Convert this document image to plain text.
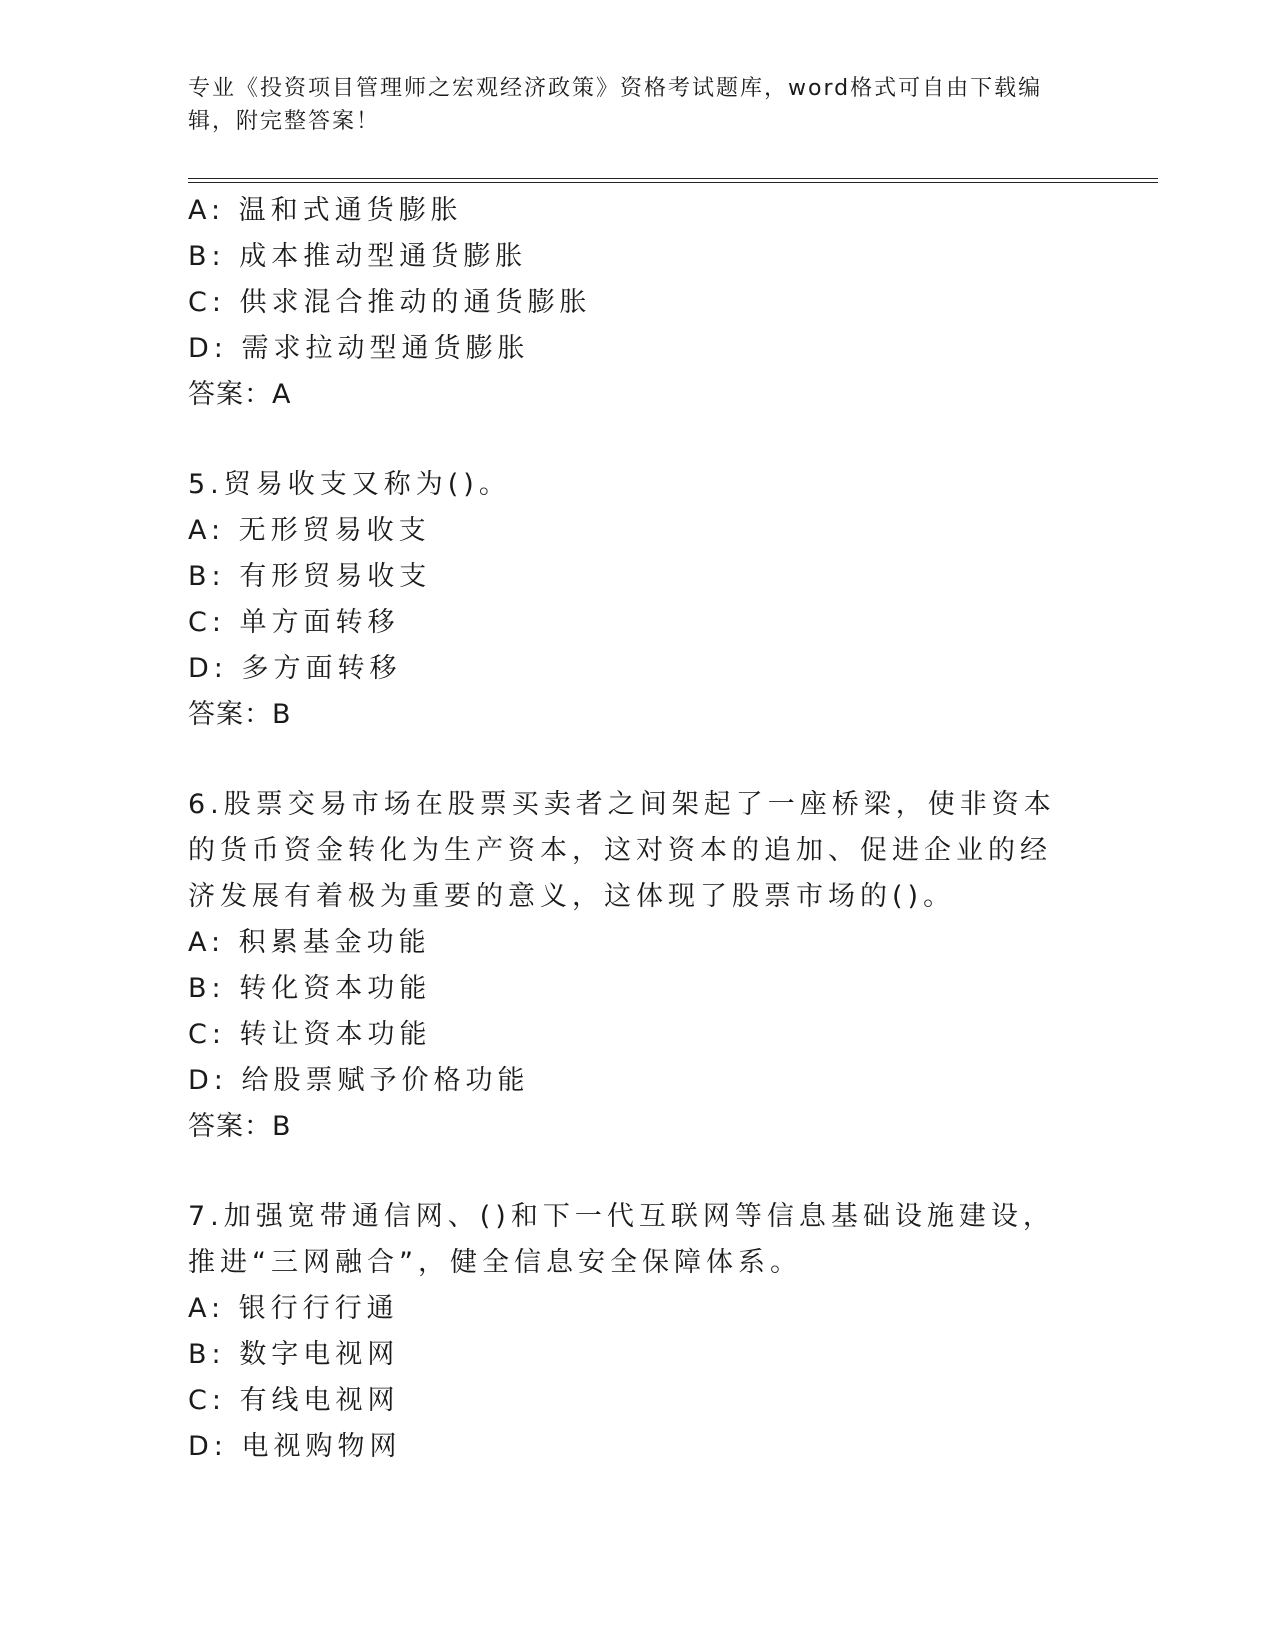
专业《投资项目管理师之宏观经济政策》资格考试题库，word格式可自由下载编辑，附完整答案！
A: 温和式通货膨胀
B: 成本推动型通货膨胀
C: 供求混合推动的通货膨胀
D: 需求拉动型通货膨胀
答案：A
5.贸易收支又称为()。
A: 无形贸易收支
B: 有形贸易收支
C: 单方面转移
D: 多方面转移
答案：B
6.股票交易市场在股票买卖者之间架起了一座桥梁，使非资本的货币资金转化为生产资本，这对资本的追加、促进企业的经济发展有着极为重要的意义，这体现了股票市场的()。
A: 积累基金功能
B: 转化资本功能
C: 转让资本功能
D: 给股票赋予价格功能
答案：B
7.加强宽带通信网、()和下一代互联网等信息基础设施建设，推进“三网融合”，健全信息安全保障体系。
A: 银行行行通
B: 数字电视网
C: 有线电视网
D: 电视购物网
